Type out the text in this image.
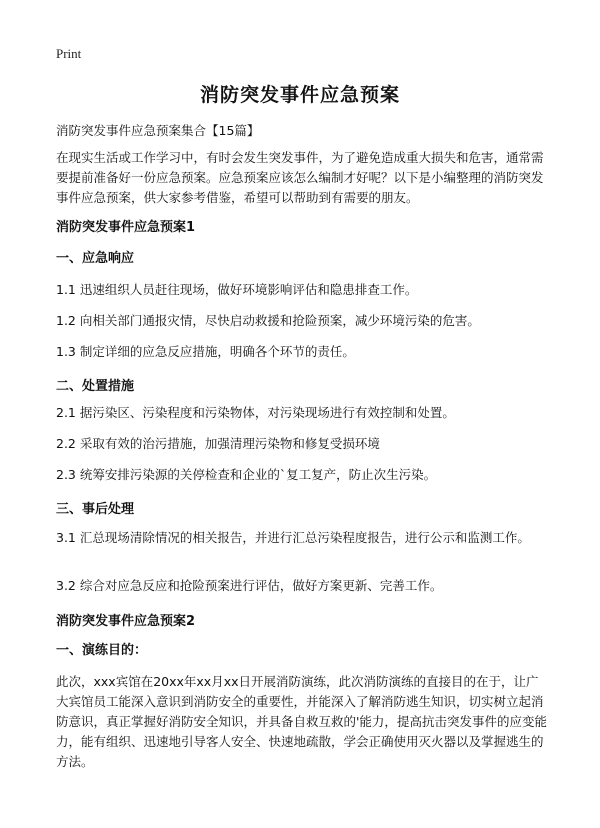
Print
消防突发事件应急预案
消防突发事件应急预案集合【15篇】
在现实生活或工作学习中，有时会发生突发事件，为了避免造成重大损失和危害，通常需要提前准备好一份应急预案。应急预案应该怎么编制才好呢？以下是小编整理的消防突发事件应急预案，供大家参考借鉴，希望可以帮助到有需要的朋友。
消防突发事件应急预案1
一、应急响应
1.1 迅速组织人员赶往现场，做好环境影响评估和隐患排查工作。
1.2 向相关部门通报灾情，尽快启动救援和抢险预案，减少环境污染的危害。
1.3 制定详细的应急反应措施，明确各个环节的责任。
二、处置措施
2.1 据污染区、污染程度和污染物体，对污染现场进行有效控制和处置。
2.2 采取有效的治污措施，加强清理污染物和修复受损环境
2.3 统筹安排污染源的关停检查和企业的`复工复产，防止次生污染。
三、事后处理
3.1 汇总现场清除情况的相关报告，并进行汇总污染程度报告，进行公示和监测工作。
3.2 综合对应急反应和抢险预案进行评估，做好方案更新、完善工作。
消防突发事件应急预案2
一、演练目的：
此次，xxx宾馆在20xx年xx月xx日开展消防演练，此次消防演练的直接目的在于，让广大宾馆员工能深入意识到消防安全的重要性，并能深入了解消防逃生知识，切实树立起消防意识，真正掌握好消防安全知识，并具备自救互救的'能力，提高抗击突发事件的应变能力，能有组织、迅速地引导客人安全、快速地疏散，学会正确使用灭火器以及掌握逃生的方法。
